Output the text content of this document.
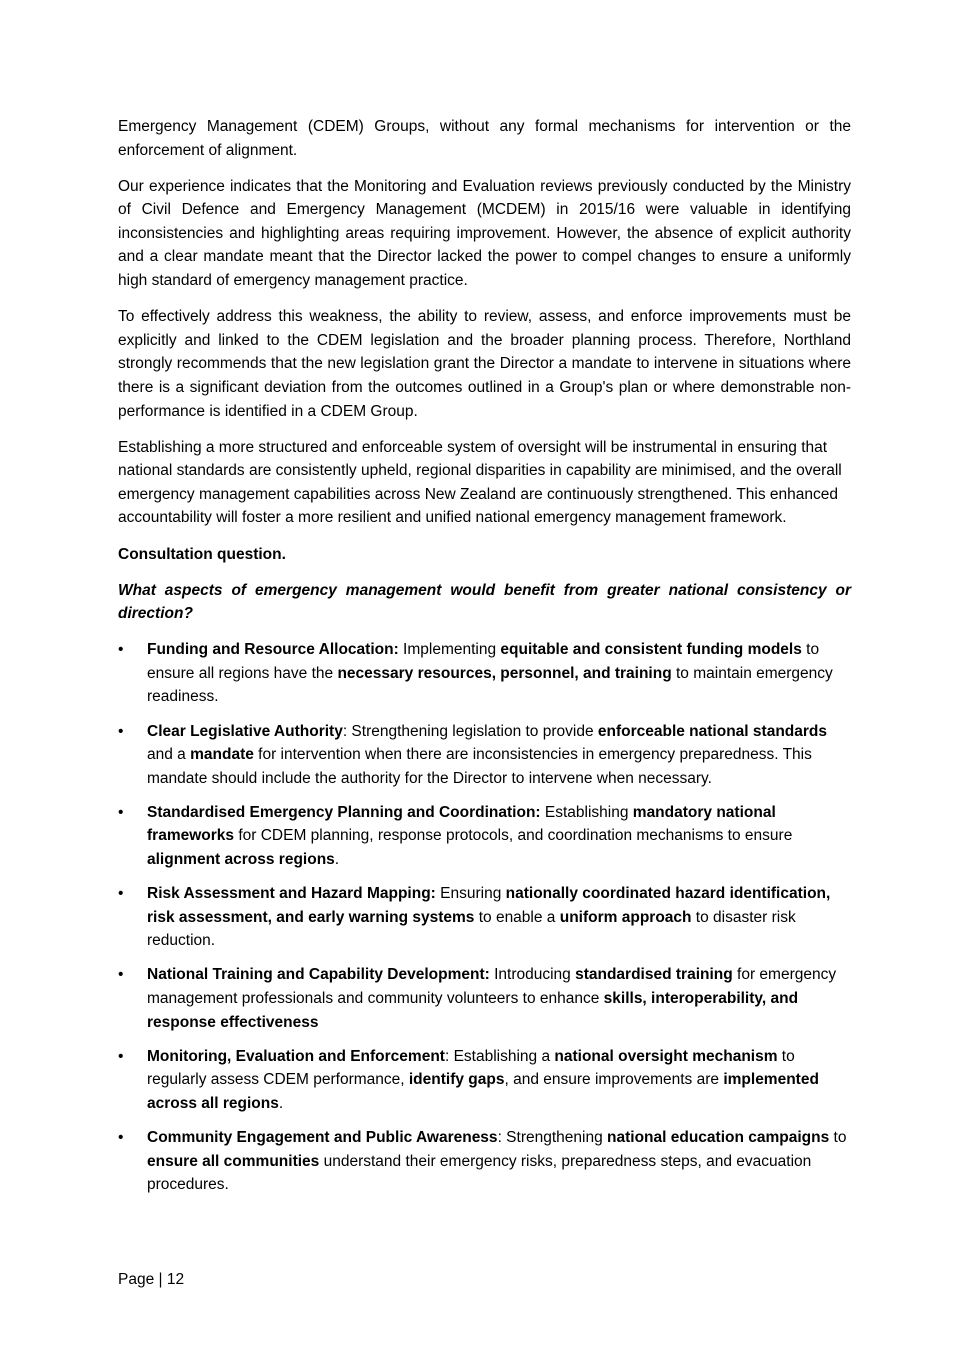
Emergency Management (CDEM) Groups, without any formal mechanisms for intervention or the enforcement of alignment.

Our experience indicates that the Monitoring and Evaluation reviews previously conducted by the Ministry of Civil Defence and Emergency Management (MCDEM) in 2015/16 were valuable in identifying inconsistencies and highlighting areas requiring improvement. However, the absence of explicit authority and a clear mandate meant that the Director lacked the power to compel changes to ensure a uniformly high standard of emergency management practice.

To effectively address this weakness, the ability to review, assess, and enforce improvements must be explicitly and linked to the CDEM legislation and the broader planning process. Therefore, Northland strongly recommends that the new legislation grant the Director a mandate to intervene in situations where there is a significant deviation from the outcomes outlined in a Group's plan or where demonstrable non-performance is identified in a CDEM Group.

Establishing a more structured and enforceable system of oversight will be instrumental in ensuring that national standards are consistently upheld, regional disparities in capability are minimised, and the overall emergency management capabilities across New Zealand are continuously strengthened. This enhanced accountability will foster a more resilient and unified national emergency management framework.

Consultation question.

What aspects of emergency management would benefit from greater national consistency or direction?

• Funding and Resource Allocation: Implementing equitable and consistent funding models to ensure all regions have the necessary resources, personnel, and training to maintain emergency readiness.
• Clear Legislative Authority: Strengthening legislation to provide enforceable national standards and a mandate for intervention when there are inconsistencies in emergency preparedness. This mandate should include the authority for the Director to intervene when necessary.
• Standardised Emergency Planning and Coordination: Establishing mandatory national frameworks for CDEM planning, response protocols, and coordination mechanisms to ensure alignment across regions.
• Risk Assessment and Hazard Mapping: Ensuring nationally coordinated hazard identification, risk assessment, and early warning systems to enable a uniform approach to disaster risk reduction.
• National Training and Capability Development: Introducing standardised training for emergency management professionals and community volunteers to enhance skills, interoperability, and response effectiveness
• Monitoring, Evaluation and Enforcement: Establishing a national oversight mechanism to regularly assess CDEM performance, identify gaps, and ensure improvements are implemented across all regions.
• Community Engagement and Public Awareness: Strengthening national education campaigns to ensure all communities understand their emergency risks, preparedness steps, and evacuation procedures.
Page | 12
